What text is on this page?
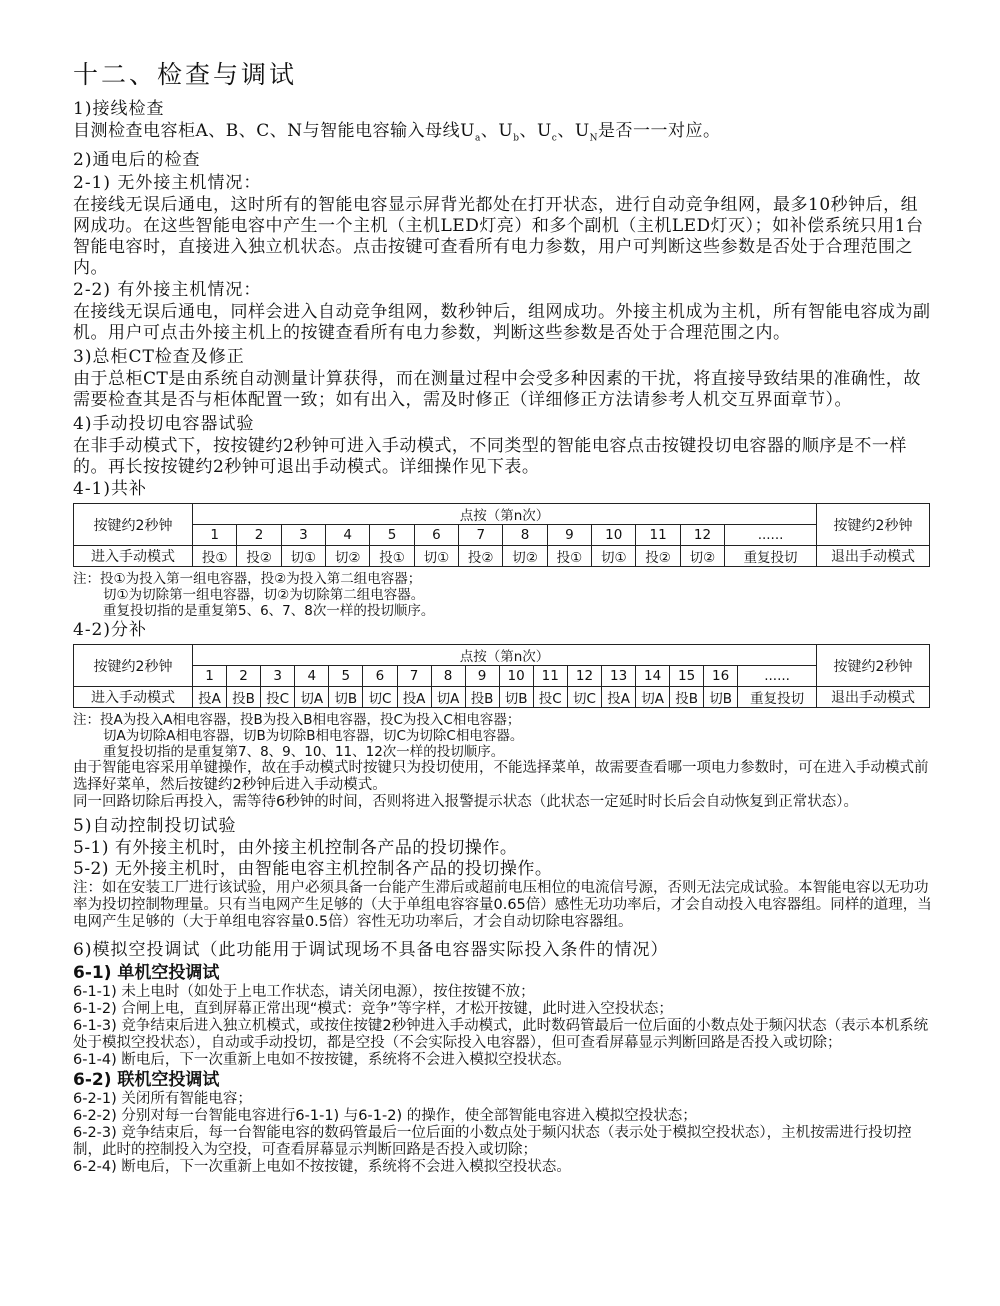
十二、检查与调试
1)接线检查
目测检查电容柜A、B、C、N与智能电容输入母线$U_a$、$U_b$、$U_c$、$U_N$是否一一对应。
2)通电后的检查
2-1) 无外接主机情况：
在接线无误后通电，这时所有的智能电容显示屏背光都处在打开状态，进行自动竞争组网，最多10秒钟后，组网成功。在这些智能电容中产生一个主机（主机LED灯亮）和多个副机（主机LED灯灭）；如补偿系统只用1台智能电容时，直接进入独立机状态。点击按键可查看所有电力参数，用户可判断这些参数是否处于合理范围之内。
2-2) 有外接主机情况：
在接线无误后通电，同样会进入自动竞争组网，数秒钟后，组网成功。外接主机成为主机，所有智能电容成为副机。用户可点击外接主机上的按键查看所有电力参数，判断这些参数是否处于合理范围之内。
3)总柜CT检查及修正
由于总柜CT是由系统自动测量计算获得，而在测量过程中会受多种因素的干扰，将直接导致结果的准确性，故需要检查其是否与柜体配置一致；如有出入，需及时修正（详细修正方法请参考人机交互界面章节）。
4)手动投切电容器试验
在非手动模式下，按按键约2秒钟可进入手动模式，不同类型的智能电容点击按键投切电容器的顺序是不一样的。再长按按键约2秒钟可退出手动模式。详细操作见下表。
4-1)共补
按键约2秒钟	点按（第n次）													按键约2秒钟
	1	2	3	4	5	6	7	8	9	10	11	12	......	
进入手动模式	投①	投②	切①	切②	投①	切①	投②	切②	投①	切①	投②	切②	重复投切	退出手动模式
注：投①为投入第一组电容器，投②为投入第二组电容器；
切①为切除第一组电容器，切②为切除第二组电容器。
重复投切指的是重复第5、6、7、8次一样的投切顺序。
4-2)分补
按键约2秒钟	点按（第n次）																	按键约2秒钟
	1	2	3	4	5	6	7	8	9	10	11	12	13	14	15	16	......	
进入手动模式	投A	投B	投C	切A	切B	切C	投A	切A	投B	切B	投C	切C	投A	切A	投B	切B	重复投切	退出手动模式
注：投A为投入A相电容器，投B为投入B相电容器，投C为投入C相电容器；
切A为切除A相电容器，切B为切除B相电容器，切C为切除C相电容器。
重复投切指的是重复第7、8、9、10、11、12次一样的投切顺序。
由于智能电容采用单键操作，故在手动模式时按键只为投切使用，不能选择菜单，故需要查看哪一项电力参数时，可在进入手动模式前选择好菜单，然后按键约2秒钟后进入手动模式。
同一回路切除后再投入，需等待6秒钟的时间，否则将进入报警提示状态（此状态一定延时时长后会自动恢复到正常状态）。
5)自动控制投切试验
5-1) 有外接主机时，由外接主机控制各产品的投切操作。
5-2) 无外接主机时，由智能电容主机控制各产品的投切操作。
注：如在安装工厂进行该试验，用户必须具备一台能产生滞后或超前电压相位的电流信号源，否则无法完成试验。本智能电容以无功功率为投切控制物理量。只有当电网产生足够的（大于单组电容容量0.65倍）感性无功功率后，才会自动投入电容器组。同样的道理，当电网产生足够的（大于单组电容容量0.5倍）容性无功功率后，才会自动切除电容器组。
6)模拟空投调试（此功能用于调试现场不具备电容器实际投入条件的情况）
6-1) 单机空投调试
6-1-1) 未上电时（如处于上电工作状态，请关闭电源），按住按键不放；
6-1-2) 合闸上电，直到屏幕正常出现“模式：竞争”等字样，才松开按键，此时进入空投状态；
6-1-3) 竞争结束后进入独立机模式，或按住按键2秒钟进入手动模式，此时数码管最后一位后面的小数点处于频闪状态（表示本机系统处于模拟空投状态），自动或手动投切，都是空投（不会实际投入电容器），但可查看屏幕显示判断回路是否投入或切除；
6-1-4) 断电后，下一次重新上电如不按按键，系统将不会进入模拟空投状态。
6-2) 联机空投调试
6-2-1) 关闭所有智能电容；
6-2-2) 分别对每一台智能电容进行6-1-1) 与6-1-2) 的操作，使全部智能电容进入模拟空投状态；
6-2-3) 竞争结束后，每一台智能电容的数码管最后一位后面的小数点处于频闪状态（表示处于模拟空投状态），主机按需进行投切控制，此时的控制投入为空投，可查看屏幕显示判断回路是否投入或切除；
6-2-4) 断电后，下一次重新上电如不按按键，系统将不会进入模拟空投状态。
